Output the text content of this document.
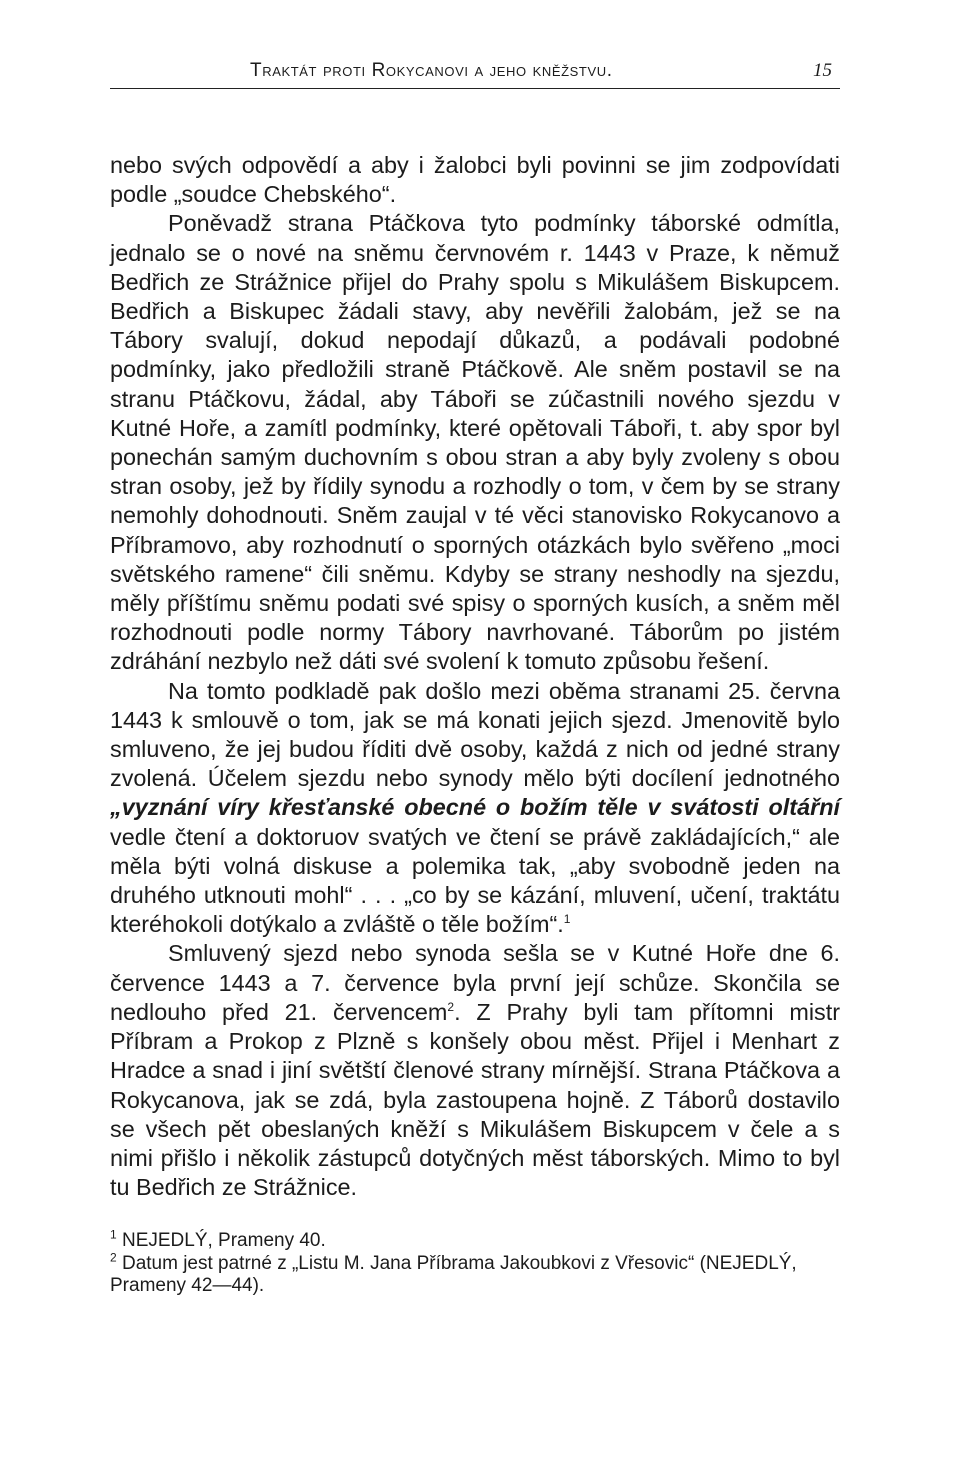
Traktát proti Rokycanovi a jeho kněžstvu.	15

nebo svých odpovědí a aby i žalobci byli povinni se jim zodpovídati podle „soudce Chebského“.

Poněvadž strana Ptáčkova tyto podmínky táborské odmítla, jednalo se o nové na sněmu červnovém r. 1443 v Praze, k němuž Bedřich ze Strážnice přijel do Prahy spolu s Mikulášem Biskupcem. Bedřich a Biskupec žádali stavy, aby nevěřili žalobám, jež se na Tábory svalují, dokud nepodají důkazů, a podávali podobné podmínky, jako předložili straně Ptáčkově. Ale sněm postavil se na stranu Ptáčkovu, žádal, aby Táboři se zúčastnili nového sjezdu v Kutné Hoře, a zamítl podmínky, které opětovali Táboři, t. aby spor byl ponechán samým duchovním s obou stran a aby byly zvoleny s obou stran osoby, jež by řídily synodu a rozhodly o tom, v čem by se strany nemohly dohodnouti. Sněm zaujal v té věci stanovisko Rokycanovo a Příbramovo, aby rozhodnutí o sporných otázkách bylo svěřeno „moci světského ramene“ čili sněmu. Kdyby se strany neshodly na sjezdu, měly příštímu sněmu podati své spisy o sporných kusích, a sněm měl rozhodnouti podle normy Tábory navrhované. Táborům po jistém zdráhání nezbylo než dáti své svolení k tomuto způsobu řešení.

Na tomto podkladě pak došlo mezi oběma stranami 25. června 1443 k smlouvě o tom, jak se má konati jejich sjezd. Jmenovitě bylo smluveno, že jej budou říditi dvě osoby, každá z nich od jedné strany zvolená. Účelem sjezdu nebo synody mělo býti docílení jednotného „vyznání víry křesťanské obecné o božím těle v svátosti oltářní vedle čtení a doktoruov svatých ve čtení se právě zakládajících,“ ale měla býti volná diskuse a polemika tak, „aby svobodně jeden na druhého utknouti mohl“ . . . „co by se kázání, mluvení, učení, traktátu kteréhokoli dotýkalo a zvláště o těle božím“.$^1$

Smluvený sjezd nebo synoda sešla se v Kutné Hoře dne 6. července 1443 a 7. července byla první její schůze. Skončila se nedlouho před 21. červencem$^2$. Z Prahy byli tam přítomni mistr Příbram a Prokop z Plzně s konšely obou měst. Přijel i Menhart z Hradce a snad i jiní světští členové strany mírnější. Strana Ptáčkova a Rokycanova, jak se zdá, byla zastoupena hojně. Z Táborů dostavilo se všech pět obeslaných kněží s Mikulášem Biskupcem v čele a s nimi přišlo i několik zástupců dotyčných měst táborských. Mimo to byl tu Bedřich ze Strážnice.

$^1$ NEJEDLÝ, Prameny 40.

$^2$ Datum jest patrné z „Listu M. Jana Příbrama Jakoubkovi z Vřesovic“ (NEJEDLÝ, Prameny 42—44).
